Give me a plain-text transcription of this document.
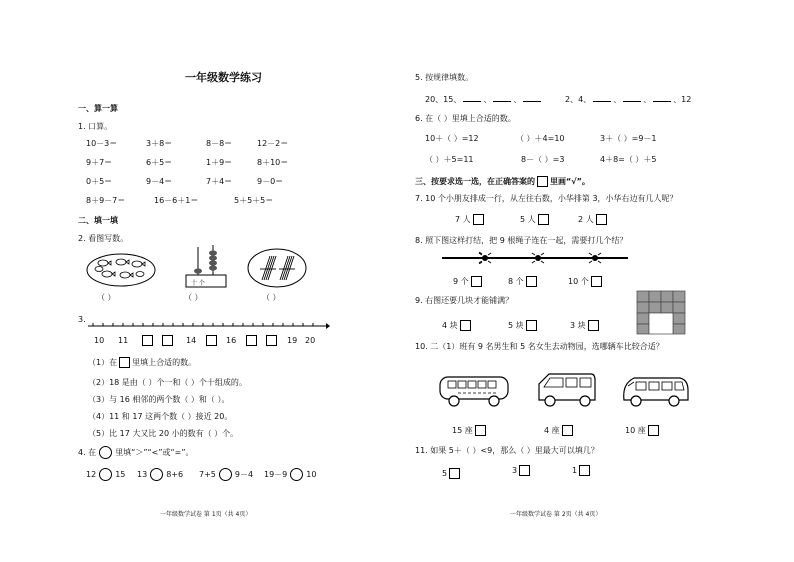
一年级数学练习
一、算一算
1. 口算。
10－3＝	3＋8＝	8－8＝	12－2＝
9＋7＝	6＋5＝	1＋9＝	8＋10＝
0＋5＝	9－4＝	7＋4＝	9－0＝
8＋9－7＝	16－6＋1＝	5＋5＋5＝
二、填一填
2. 看图写数。
（ ）
十 个
（ ）	（ ）
3.
10 11	14	16	19 20
（1）在 里填上合适的数。
（2）18 是由（ ）个一和（ ）个十组成的。
（3）与 16 相邻的两个数（ ）和（ ）。
（4）11 和 17 这两个数（ ）接近 20。
（5）比 17 大又比 20 小的数有（ ）个。
4. 在 里填“＞”“<”或“=”。
12 15 13 8+6 7+5 9－4 19－9 10
一年级数学试卷 第 1页（共 4页）
5. 按规律填数。
20、15、	、	、	2、4、	、	、	、12
6. 在（ ）里填上合适的数。
10＋（ ）=12	（ ）＋4=10	3＋（ ）=9－1
（ ）＋5=11	8－（ ）=3	4＋8=（ ）＋5
三、按要求选一选，在正确答案的 里画“√”。
7. 10 个小朋友排成一行，从左往右数，小华排第 3，小华右边有几人呢？
7 人	5 人	2 人
8. 照下图这样打结，把 9 根绳子连在一起，需要打几个结？
9 个	8 个	10 个
9. 右图还要几块才能铺满？
4 块	5 块	3 块
10. 二（1）班有 9 名男生和 5 名女生去动物园，选哪辆车比较合适？
15 座	4 座	10 座
11. 如果 5＋（ ）<9，那么（ ）里最大可以填几？
5	3	1
一年级数学试卷 第 2页（共 4页）
